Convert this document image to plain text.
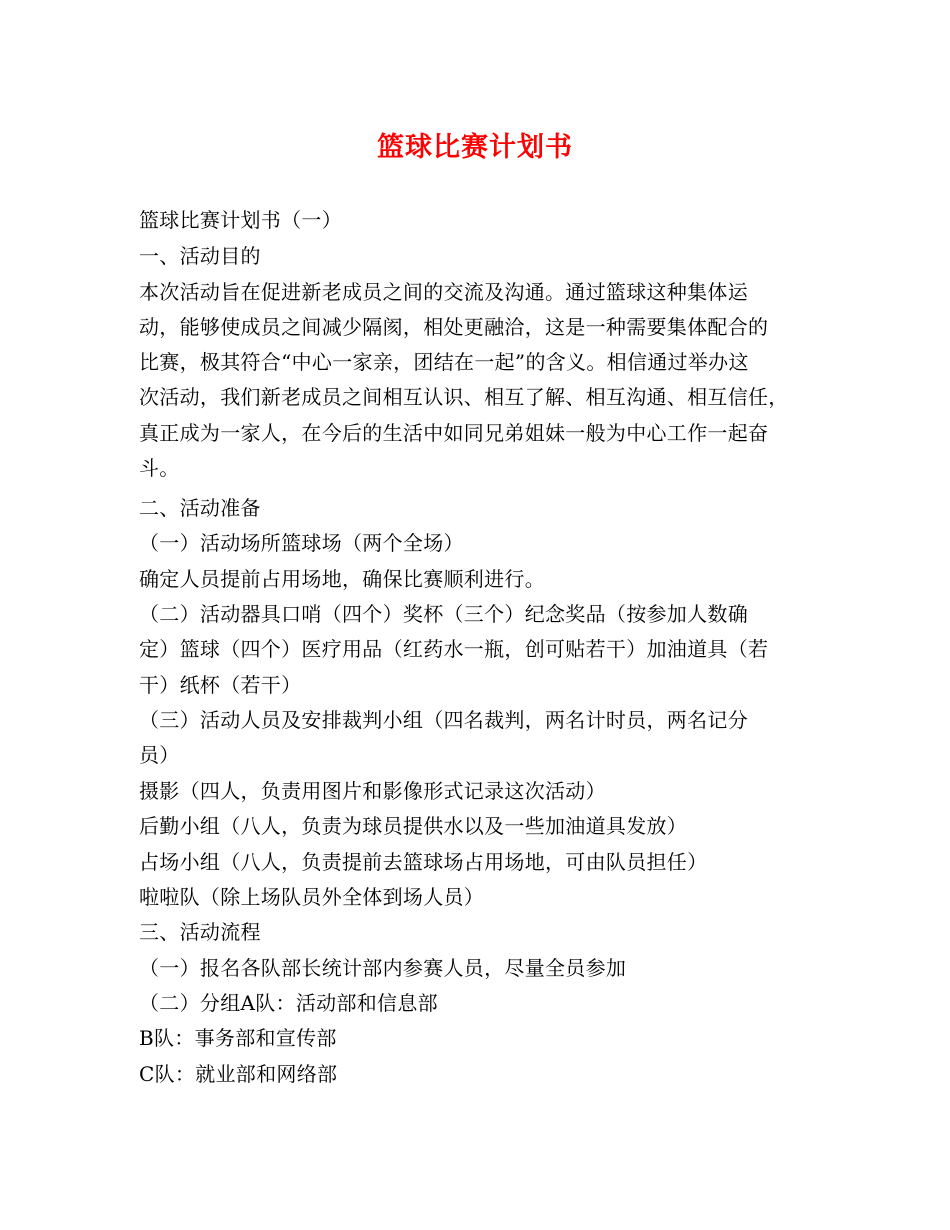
篮球比赛计划书
篮球比赛计划书（一）
一、活动目的
本次活动旨在促进新老成员之间的交流及沟通。通过篮球这种集体运
动，能够使成员之间减少隔阂，相处更融洽，这是一种需要集体配合的
比赛，极其符合“中心一家亲，团结在一起”的含义。相信通过举办这
次活动，我们新老成员之间相互认识、相互了解、相互沟通、相互信任，
真正成为一家人，在今后的生活中如同兄弟姐妹一般为中心工作一起奋
斗。
二、活动准备
（一）活动场所篮球场（两个全场）
确定人员提前占用场地，确保比赛顺利进行。
（二）活动器具口哨（四个）奖杯（三个）纪念奖品（按参加人数确
定）篮球（四个）医疗用品（红药水一瓶，创可贴若干）加油道具（若
干）纸杯（若干）
（三）活动人员及安排裁判小组（四名裁判，两名计时员，两名记分
员）
摄影（四人，负责用图片和影像形式记录这次活动）
后勤小组（八人，负责为球员提供水以及一些加油道具发放）
占场小组（八人，负责提前去篮球场占用场地，可由队员担任）
啦啦队（除上场队员外全体到场人员）
三、活动流程
（一）报名各队部长统计部内参赛人员，尽量全员参加
（二）分组A队：活动部和信息部
B队：事务部和宣传部
C队：就业部和网络部
